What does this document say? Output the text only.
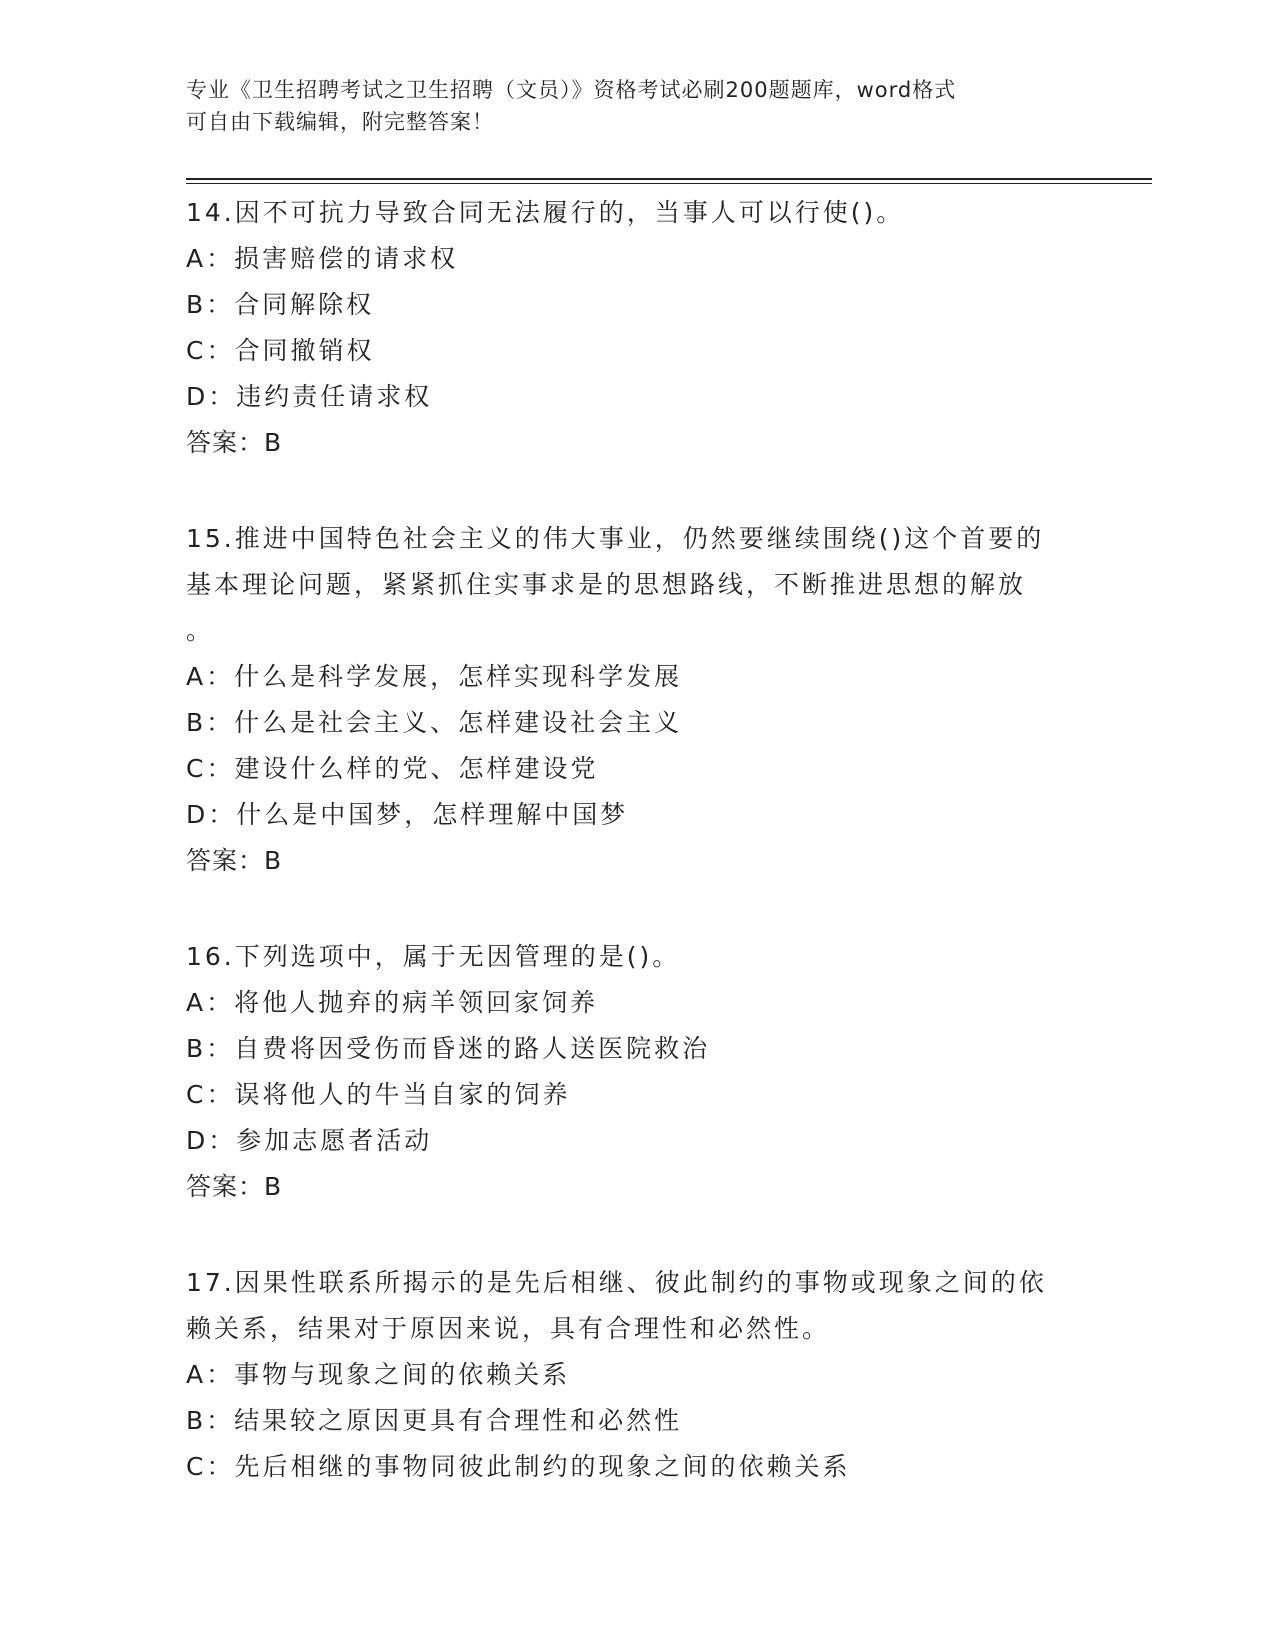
专业《卫生招聘考试之卫生招聘（文员）》资格考试必刷200题题库，word格式
可自由下载编辑，附完整答案！
14.因不可抗力导致合同无法履行的，当事人可以行使()。
A：损害赔偿的请求权
B：合同解除权
C：合同撤销权
D：违约责任请求权
答案：B
15.推进中国特色社会主义的伟大事业，仍然要继续围绕()这个首要的
基本理论问题，紧紧抓住实事求是的思想路线，不断推进思想的解放
。
A：什么是科学发展，怎样实现科学发展
B：什么是社会主义、怎样建设社会主义
C：建设什么样的党、怎样建设党
D：什么是中国梦，怎样理解中国梦
答案：B
16.下列选项中，属于无因管理的是()。
A：将他人抛弃的病羊领回家饲养
B：自费将因受伤而昏迷的路人送医院救治
C：误将他人的牛当自家的饲养
D：参加志愿者活动
答案：B
17.因果性联系所揭示的是先后相继、彼此制约的事物或现象之间的依
赖关系，结果对于原因来说，具有合理性和必然性。
A：事物与现象之间的依赖关系
B：结果较之原因更具有合理性和必然性
C：先后相继的事物同彼此制约的现象之间的依赖关系
